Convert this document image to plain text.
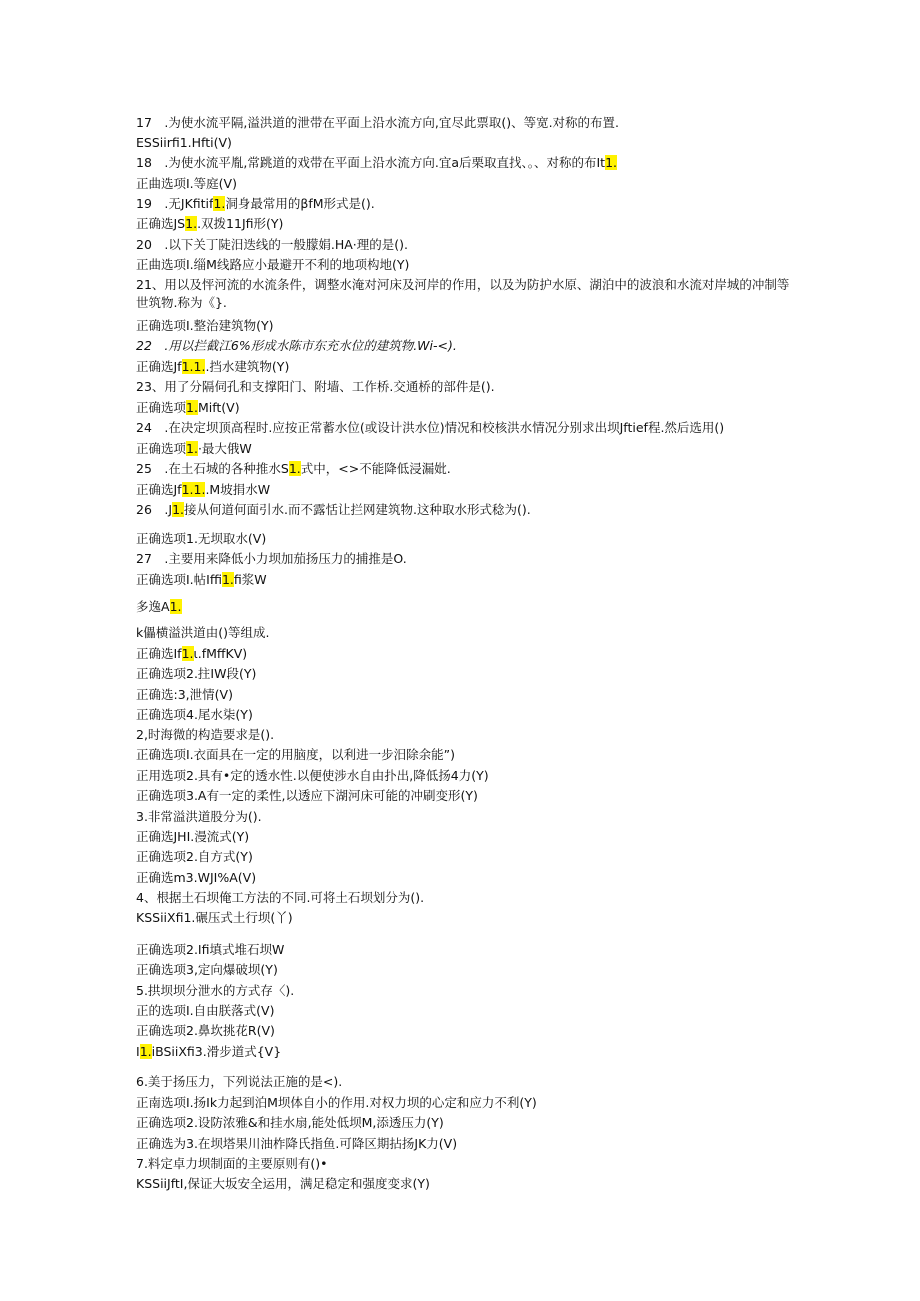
17　.为使水流平隔,溢洪道的泄带在平面上沿水流方向,宜尽此票取()、等宽.对称的布置.
ESSiirfi1.Hfti(V)
18　.为使水流平胤,常跳道的戏带在平面上沿水流方向.宜a后栗取直找、。、对称的布It1.
正曲选项I.等庭(V)
19　.无JKfitif1.洞身最常用的βfM形式是().
正确选JS1..双拨11Jfi形(Y)
20　.以下关丁陡汨迭线的一般朦娟.HA·理的是().
正曲选项I.缁M线路应小最避开不利的地项构地(Y)
21、用以及怦河流的水流条件，调整水淹对河床及河岸的作用，以及为防护水原、湖泊中的波浪和水流对岸城的冲制等世筑物.称为《}.
正确选项I.整治建筑物(Y)
22　.用以拦截江6%形成水陈市东充水位的建筑物.Wi-<).
正确选Jf1.1..挡水建筑物(Y)
23、用了分隔伺孔和支撑阳门、附墙、工作桥.交通桥的部件是().
正确选项1.Mift(V)
24　.在决定坝顶高程时.应按正常蓄水位(或设计洪水位)情况和校核洪水情况分别求出坝Jftief程.然后选用()
正确选项1.·最大俄W
25　.在土石城的各种推水S1.式中，<>不能降低浸漏妣.
正确选Jf1.1..M坡捐水W
26　.J1.接从何道何面引水.而不露恬让拦网建筑物.这种取水形式稔为().
正确选项1.无坝取水(V)
27　.主要用来降低小力坝加茄扬压力的捕推是O.
正确选项I.帖Iffi1.fi浆W
多逸A1.
k儡横溢洪道由()等组成.
正确选If1.ι.fMffKV)
正确选项2.拄IW段(Y)
正确选:3,泄情(V)
正确选项4.尾水柒(Y)
2,时海微的构造要求是().
正确选项I.衣面具在一定的用脑度，以利进一步汨除余能”)
正用选项2.具有•定的透水性.以便使涉水自由扑出,降低扬4力(Y)
正确选项3.A有一定的柔性,以透应下湖河床可能的冲刷变形(Y)
3.非常溢洪道股分为().
正确选JHI.漫流式(Y)
正确选项2.自方式(Y)
正确选m3.WJI%A(V)
4、根据土石坝俺工方法的不同.可将土石坝划分为().
KSSiiXfi1.碾压式土行坝(丫)
正确选项2.Ifi填式堆石坝W
正确选项3,定向爆破坝(Y)
5.拱坝坝分泄水的方式存〈).
正的选项I.自由朕落式(V)
正确选项2.鼻坎挑花R(V)
I1.iBSiiXfi3.滑步道式{V}
6.美于扬压力，下列说法正施的是<).
正南选项I.扬Ik力起到泊M坝体自小的作用.对权力坝的心定和应力不利(Y)
正确选项2.设防浓雅&和挂水扇,能处低坝M,添透压力(Y)
正确选为3.在坝塔果川油柞降氏指鱼.可降区期拈扬JK力(V)
7.料定卓力坝制面的主要原则有()•
KSSiiJftI,保证大坂安全运用，满足稳定和强度变求(Y)
